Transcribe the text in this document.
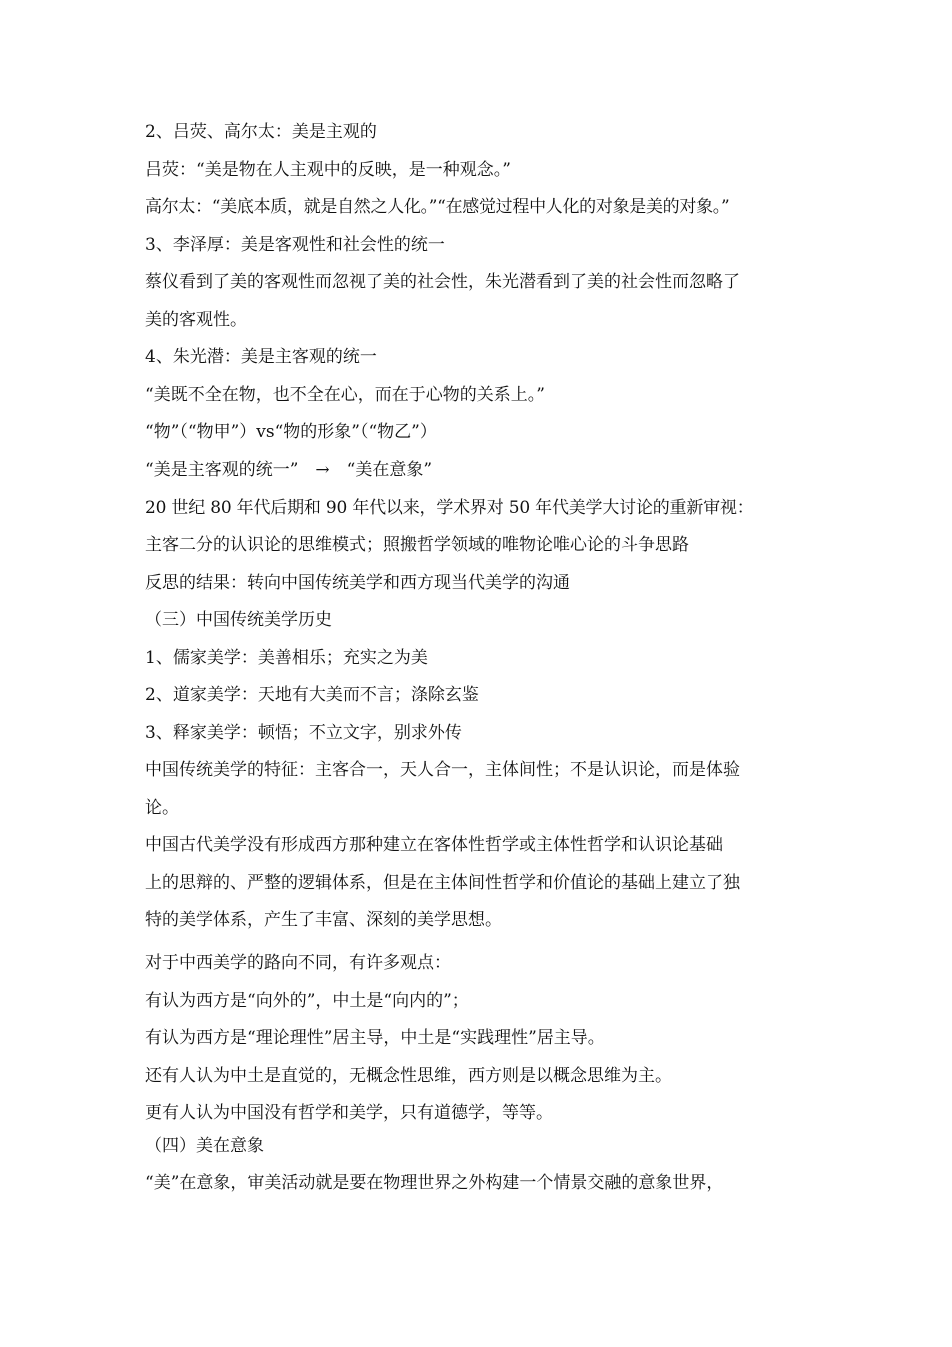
2、吕荧、高尔太：美是主观的
吕荧：“美是物在人主观中的反映，是一种观念。”
高尔太：“美底本质，就是自然之人化。”“在感觉过程中人化的对象是美的对象。”
3、李泽厚：美是客观性和社会性的统一
蔡仪看到了美的客观性而忽视了美的社会性，朱光潜看到了美的社会性而忽略了
美的客观性。
4、朱光潜：美是主客观的统一
“美既不全在物，也不全在心，而在于心物的关系上。”
“物”（“物甲”）vs“物的形象”（“物乙”）
“美是主客观的统一”　→　“美在意象”
20 世纪 80 年代后期和 90 年代以来，学术界对 50 年代美学大讨论的重新审视：
主客二分的认识论的思维模式；照搬哲学领域的唯物论唯心论的斗争思路
反思的结果：转向中国传统美学和西方现当代美学的沟通
（三）中国传统美学历史
1、儒家美学：美善相乐；充实之为美
2、道家美学：天地有大美而不言；涤除玄鉴
3、释家美学：顿悟；不立文字，别求外传
中国传统美学的特征：主客合一，天人合一，主体间性；不是认识论，而是体验
论。
中国古代美学没有形成西方那种建立在客体性哲学或主体性哲学和认识论基础
上的思辩的、严整的逻辑体系，但是在主体间性哲学和价值论的基础上建立了独
特的美学体系，产生了丰富、深刻的美学思想。
对于中西美学的路向不同，有许多观点：
有认为西方是“向外的”，中土是“向内的”；
有认为西方是“理论理性”居主导，中土是“实践理性”居主导。
还有人认为中土是直觉的，无概念性思维，西方则是以概念思维为主。
更有人认为中国没有哲学和美学，只有道德学，等等。
（四）美在意象
“美”在意象，审美活动就是要在物理世界之外构建一个情景交融的意象世界，
